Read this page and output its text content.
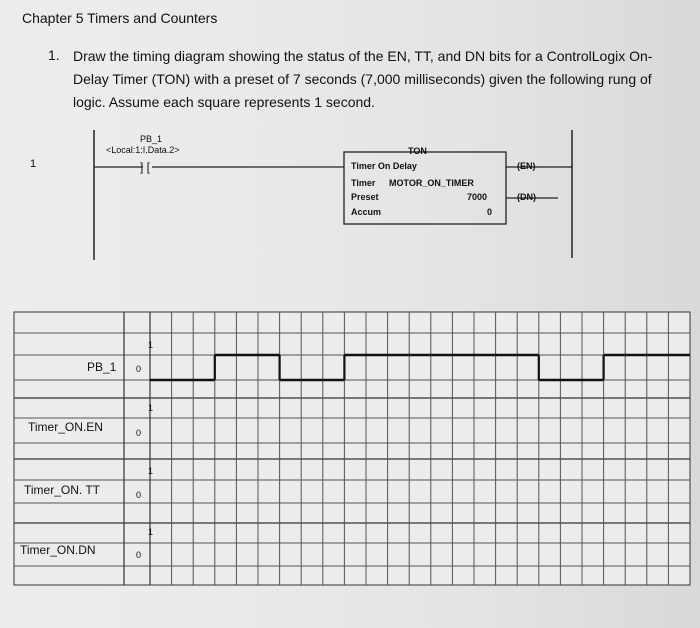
Chapter 5 Timers and Counters
1. Draw the timing diagram showing the status of the EN, TT, and DN bits for a ControlLogix On-
Delay Timer (TON) with a preset of 7 seconds (7,000 milliseconds) given the following rung of
logic. Assume each square represents 1 second.
1
PB_1
<Local:1:I.Data.2>
] [
TON
Timer On Delay
Timer MOTOR_ON_TIMER
Preset	7000
Accum	0
(EN)
(DN)
PB_1
1
0
Timer_ON.EN
1
0
Timer_ON. TT
1
0
Timer_ON.DN
1
0
